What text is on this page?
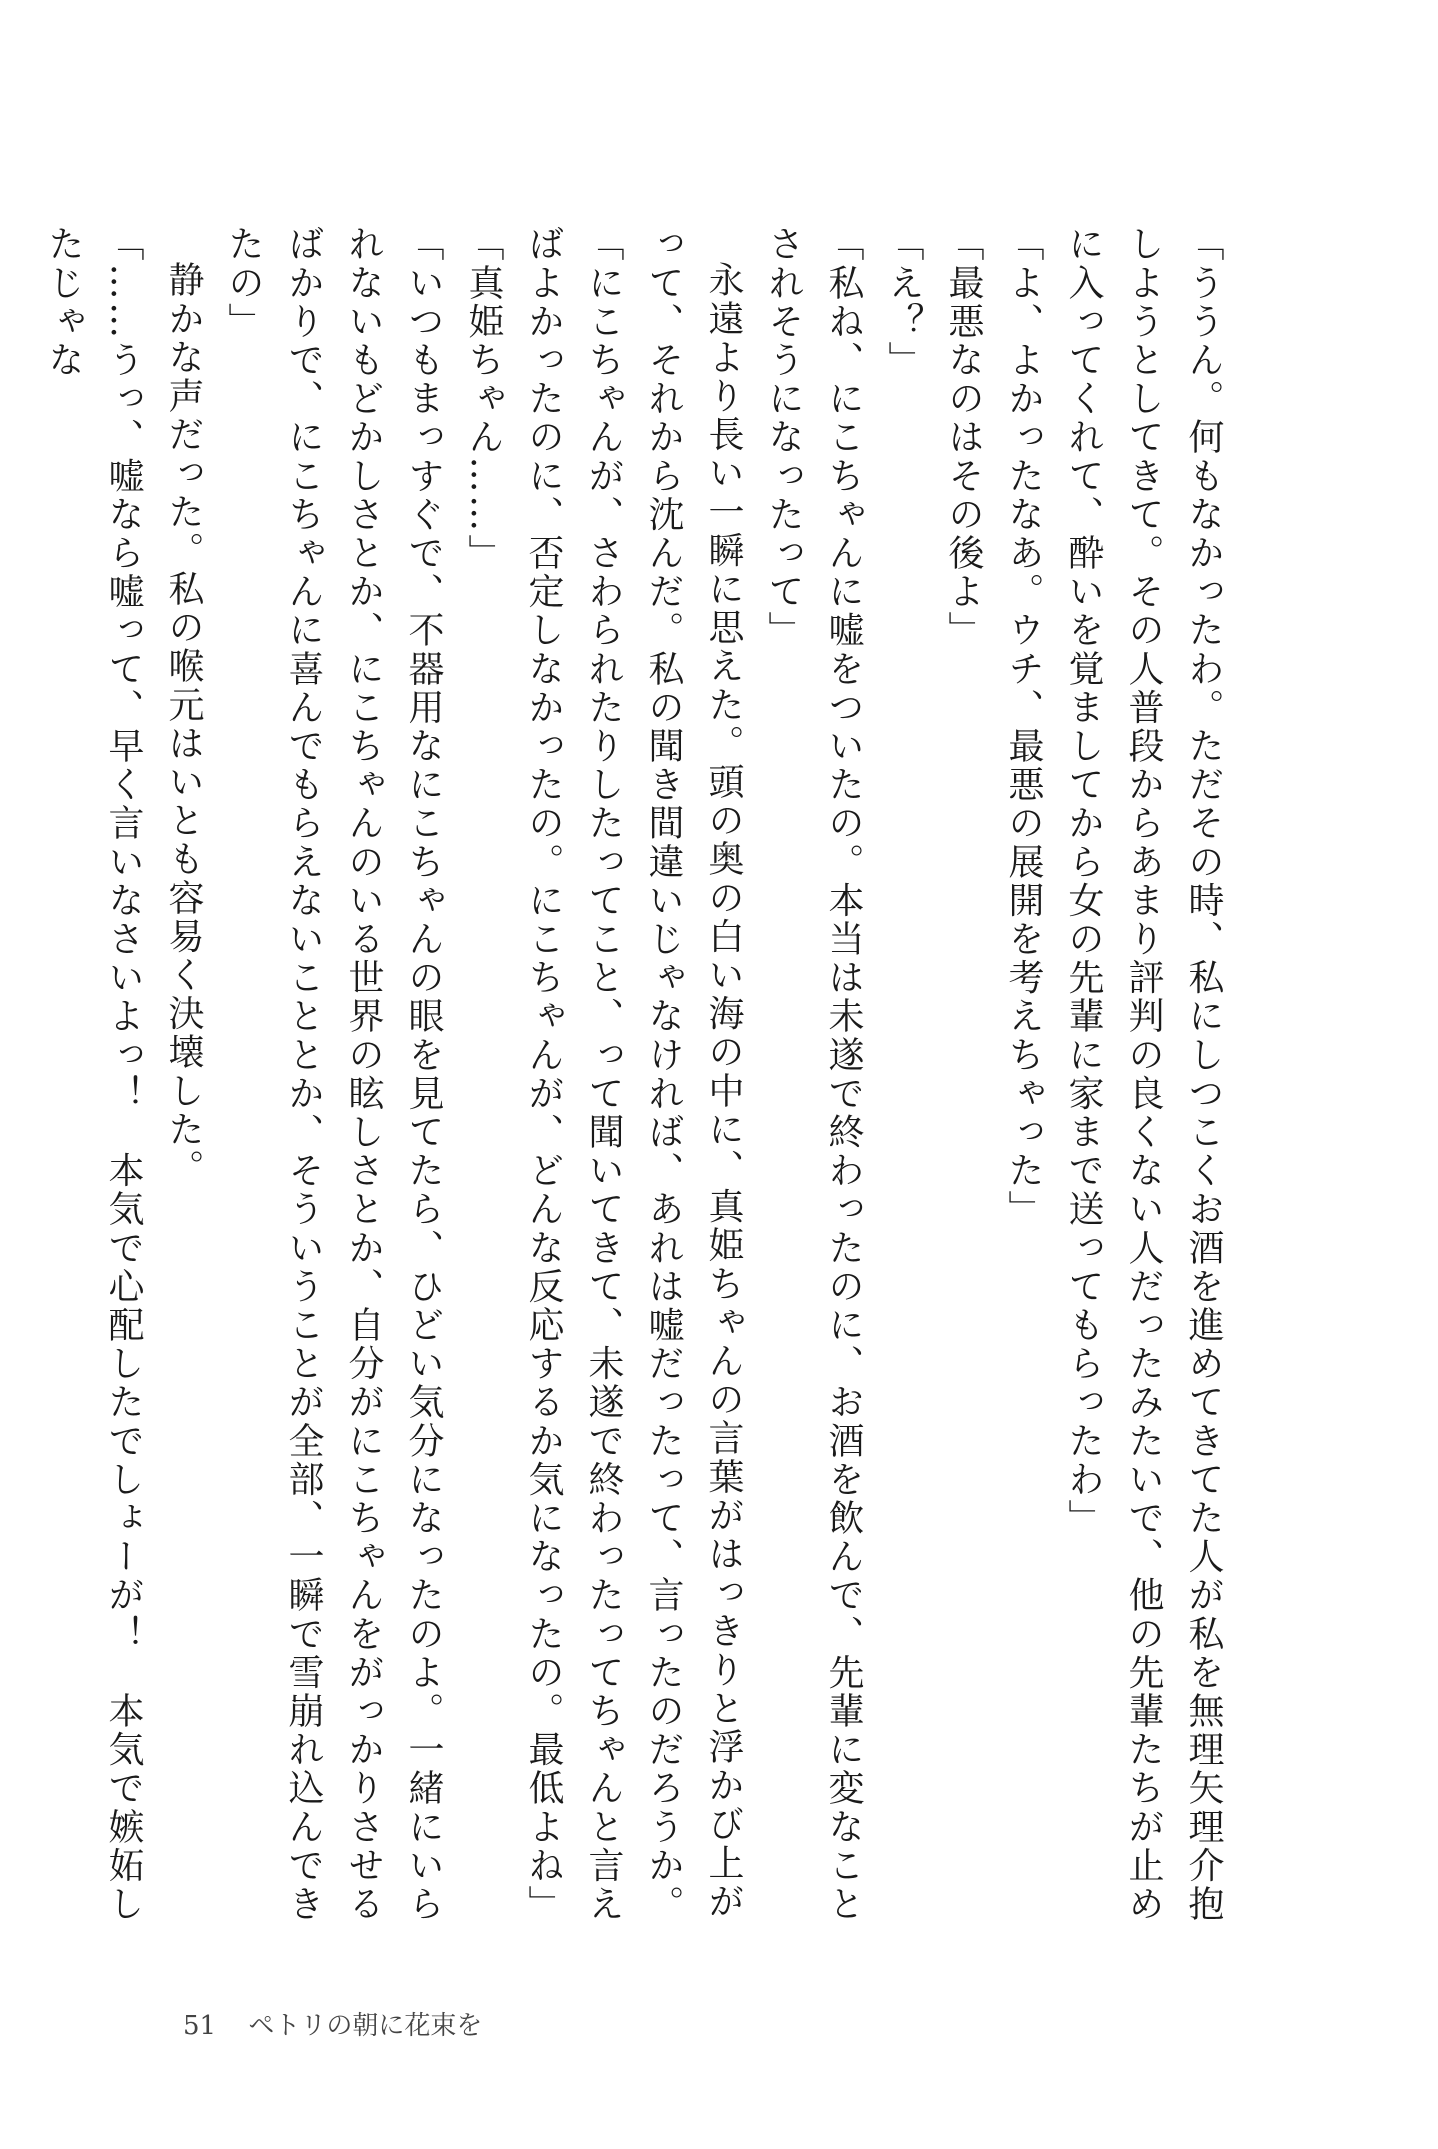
「ううん。何もなかったわ。ただその時、私にしつこくお酒を進めてきてた人が私を無理矢理介抱しようとしてきて。その人普段からあまり評判の良くない人だったみたいで、他の先輩たちが止めに入ってくれて、酔いを覚ましてから女の先輩に家まで送ってもらったわ」

「よ、よかったなあ。ウチ、最悪の展開を考えちゃった」

「最悪なのはその後よ」

「え？」

「私ね、にこちゃんに嘘をついたの。本当は未遂で終わったのに、お酒を飲んで、先輩に変なことされそうになったって」

永遠より長い一瞬に思えた。頭の奥の白い海の中に、真姫ちゃんの言葉がはっきりと浮かび上がって、それから沈んだ。私の聞き間違いじゃなければ、あれは嘘だったって、言ったのだろうか。

「にこちゃんが、さわられたりしたってこと、って聞いてきて、未遂で終わったってちゃんと言えばよかったのに、否定しなかったの。にこちゃんが、どんな反応するか気になったの。最低よね」

「真姫ちゃん……」

「いつもまっすぐで、不器用なにこちゃんの眼を見てたら、ひどい気分になったのよ。一緒にいられないもどかしさとか、にこちゃんのいる世界の眩しさとか、自分がにこちゃんをがっかりさせるばかりで、にこちゃんに喜んでもらえないこととか、そういうことが全部、一瞬で雪崩れ込んできたの」

静かな声だった。私の喉元はいとも容易く決壊した。

「……うっ、嘘なら嘘って、早く言いなさいよっ！　本気で心配したでしょーが！　本気で嫉妬したじゃな

51 ペトリの朝に花束を
